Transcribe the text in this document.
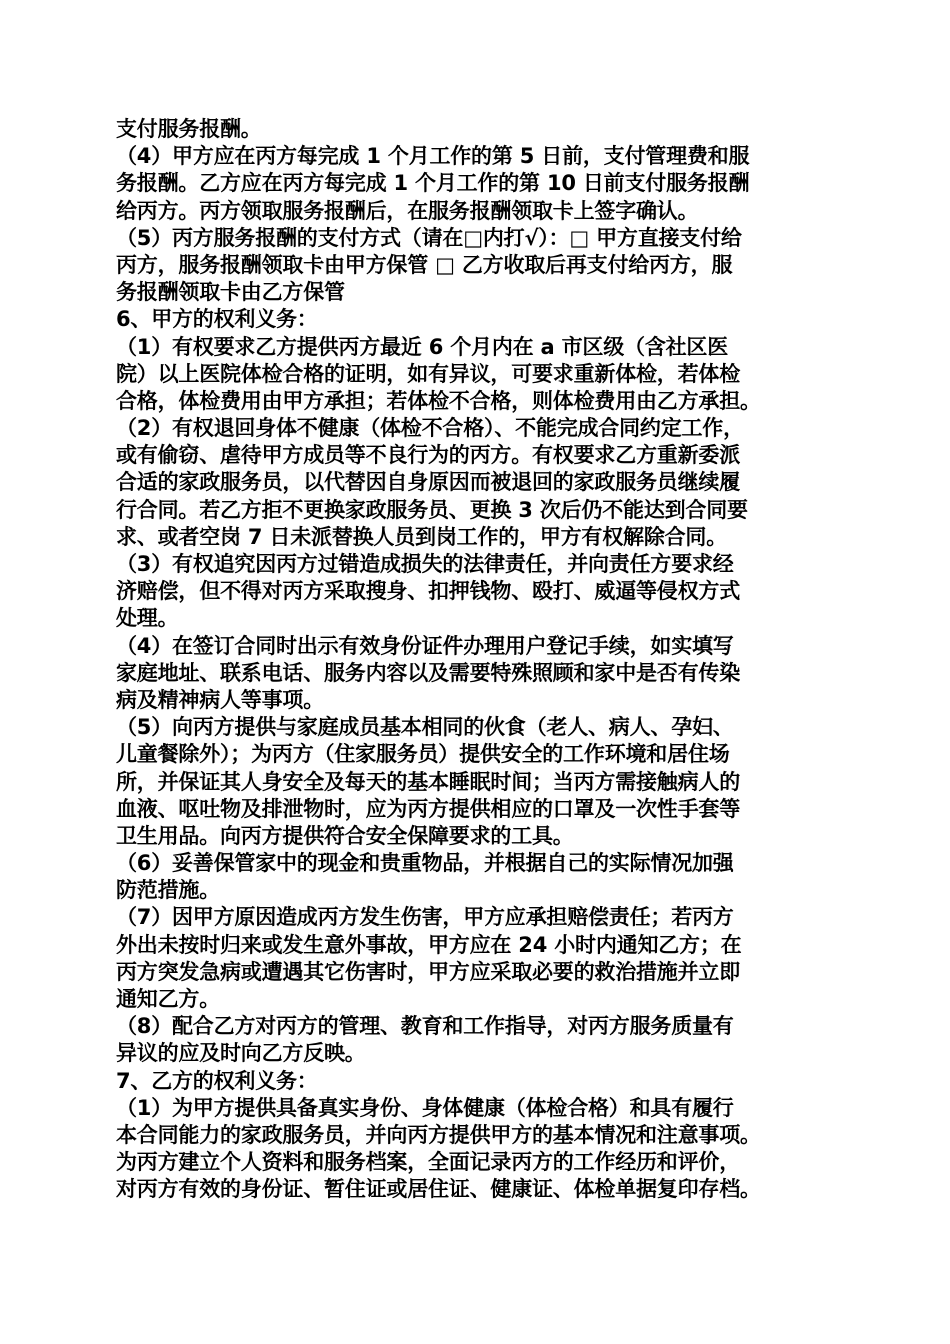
支付服务报酬。
（4）甲方应在丙方每完成 1 个月工作的第 5 日前，支付管理费和服
务报酬。乙方应在丙方每完成 1 个月工作的第 10 日前支付服务报酬
给丙方。丙方领取服务报酬后，在服务报酬领取卡上签字确认。
（5）丙方服务报酬的支付方式（请在□内打√）：□ 甲方直接支付给
丙方，服务报酬领取卡由甲方保管 □ 乙方收取后再支付给丙方，服
务报酬领取卡由乙方保管
6、甲方的权利义务：
（1）有权要求乙方提供丙方最近 6 个月内在 a 市区级（含社区医
院）以上医院体检合格的证明，如有异议，可要求重新体检，若体检
合格，体检费用由甲方承担；若体检不合格，则体检费用由乙方承担。
（2）有权退回身体不健康（体检不合格）、不能完成合同约定工作，
或有偷窃、虐待甲方成员等不良行为的丙方。有权要求乙方重新委派
合适的家政服务员，以代替因自身原因而被退回的家政服务员继续履
行合同。若乙方拒不更换家政服务员、更换 3 次后仍不能达到合同要
求、或者空岗 7 日未派替换人员到岗工作的，甲方有权解除合同。
（3）有权追究因丙方过错造成损失的法律责任，并向责任方要求经
济赔偿，但不得对丙方采取搜身、扣押钱物、殴打、威逼等侵权方式
处理。
（4）在签订合同时出示有效身份证件办理用户登记手续，如实填写
家庭地址、联系电话、服务内容以及需要特殊照顾和家中是否有传染
病及精神病人等事项。
（5）向丙方提供与家庭成员基本相同的伙食（老人、病人、孕妇、
儿童餐除外）；为丙方（住家服务员）提供安全的工作环境和居住场
所，并保证其人身安全及每天的基本睡眠时间；当丙方需接触病人的
血液、呕吐物及排泄物时，应为丙方提供相应的口罩及一次性手套等
卫生用品。向丙方提供符合安全保障要求的工具。
（6）妥善保管家中的现金和贵重物品，并根据自己的实际情况加强
防范措施。
（7）因甲方原因造成丙方发生伤害，甲方应承担赔偿责任；若丙方
外出未按时归来或发生意外事故，甲方应在 24 小时内通知乙方；在
丙方突发急病或遭遇其它伤害时，甲方应采取必要的救治措施并立即
通知乙方。
（8）配合乙方对丙方的管理、教育和工作指导，对丙方服务质量有
异议的应及时向乙方反映。
7、乙方的权利义务：
（1）为甲方提供具备真实身份、身体健康（体检合格）和具有履行
本合同能力的家政服务员，并向丙方提供甲方的基本情况和注意事项。
为丙方建立个人资料和服务档案，全面记录丙方的工作经历和评价，
对丙方有效的身份证、暂住证或居住证、健康证、体检单据复印存档。
